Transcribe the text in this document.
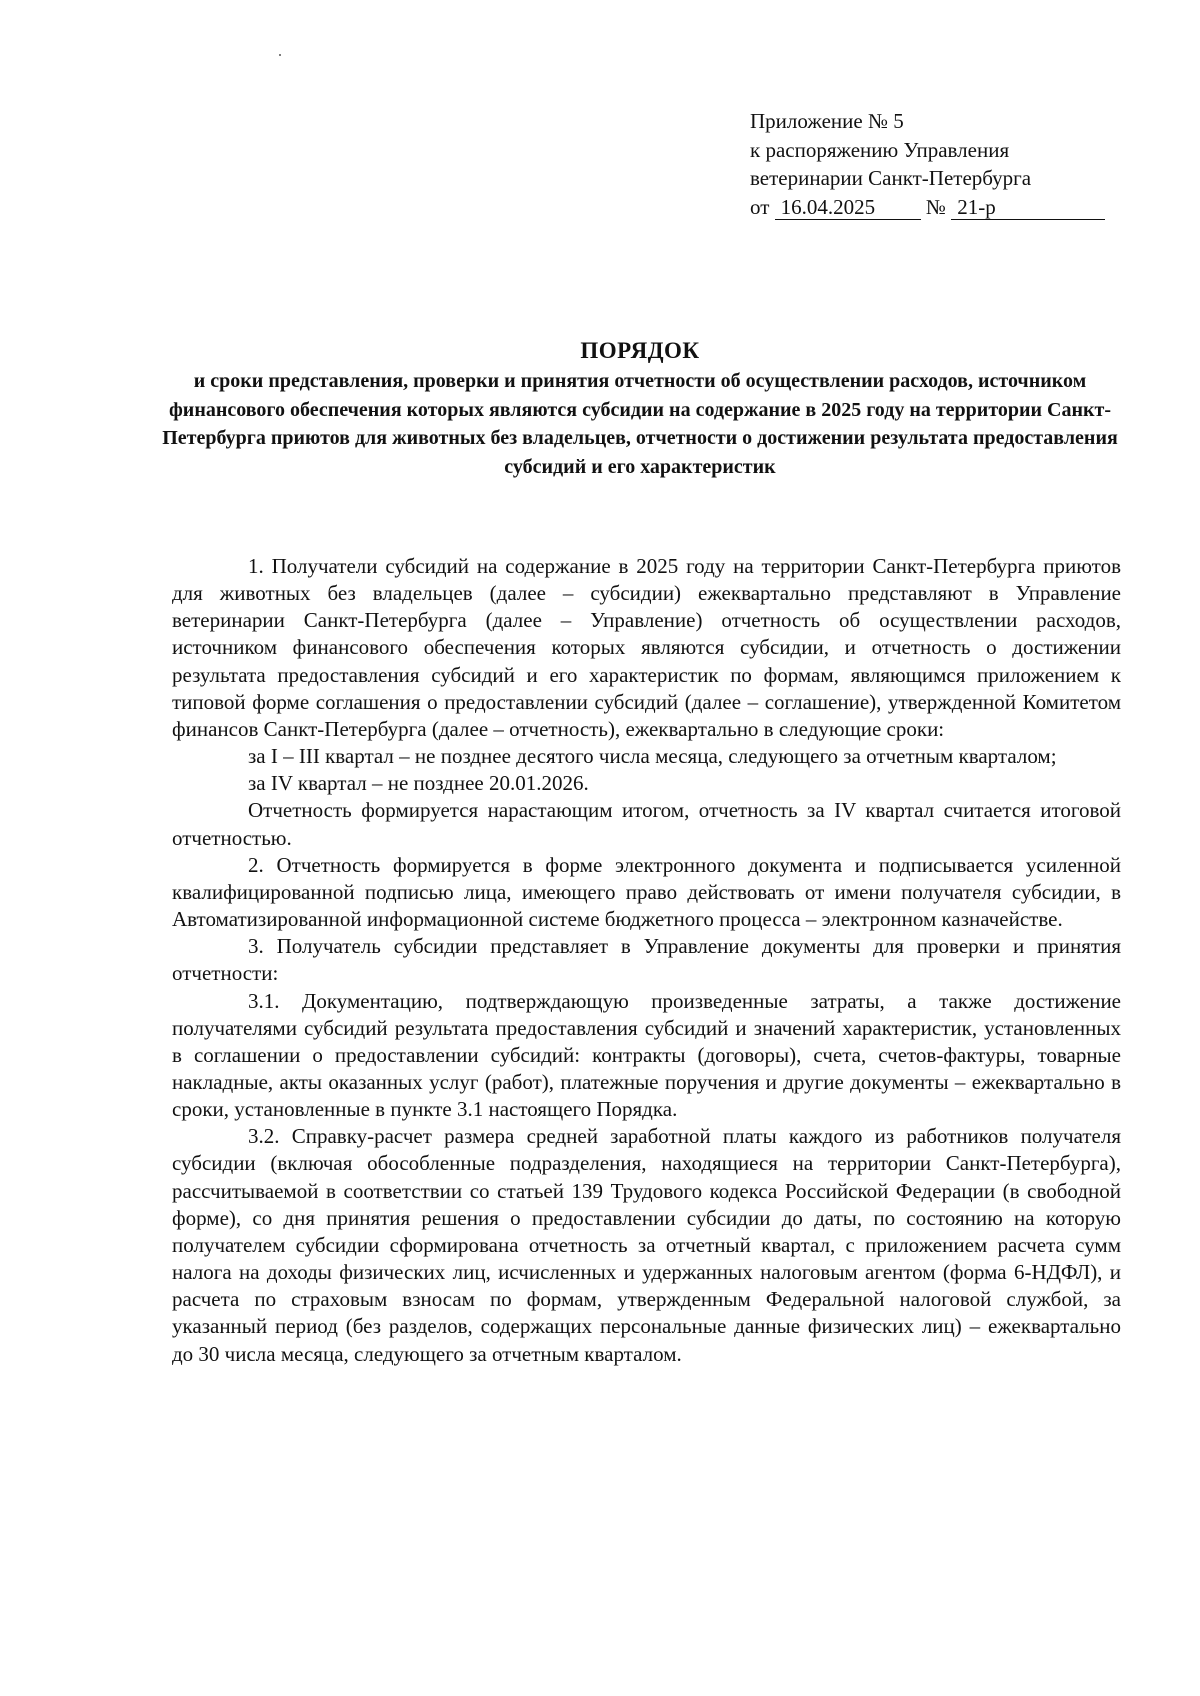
Приложение № 5
к распоряжению Управления
ветеринарии Санкт-Петербурга
от 16.04.2025 № 21-р
ПОРЯДОК
и сроки представления, проверки и принятия отчетности об осуществлении расходов, источником финансового обеспечения которых являются субсидии на содержание в 2025 году на территории Санкт-Петербурга приютов для животных без владельцев, отчетности о достижении результата предоставления субсидий и его характеристик

1. Получатели субсидий на содержание в 2025 году на территории Санкт-Петербурга приютов для животных без владельцев (далее – субсидии) ежеквартально представляют в Управление ветеринарии Санкт-Петербурга (далее – Управление) отчетность об осуществлении расходов, источником финансового обеспечения которых являются субсидии, и отчетность о достижении результата предоставления субсидий и его характеристик по формам, являющимся приложением к типовой форме соглашения о предоставлении субсидий (далее – соглашение), утвержденной Комитетом финансов Санкт-Петербурга (далее – отчетность), ежеквартально в следующие сроки:

за I – III квартал – не позднее десятого числа месяца, следующего за отчетным кварталом;

за IV квартал – не позднее 20.01.2026.

Отчетность формируется нарастающим итогом, отчетность за IV квартал считается итоговой отчетностью.

2. Отчетность формируется в форме электронного документа и подписывается усиленной квалифицированной подписью лица, имеющего право действовать от имени получателя субсидии, в Автоматизированной информационной системе бюджетного процесса – электронном казначействе.

3. Получатель субсидии представляет в Управление документы для проверки и принятия отчетности:

3.1. Документацию, подтверждающую произведенные затраты, а также достижение получателями субсидий результата предоставления субсидий и значений характеристик, установленных в соглашении о предоставлении субсидий: контракты (договоры), счета, счетов-фактуры, товарные накладные, акты оказанных услуг (работ), платежные поручения и другие документы – ежеквартально в сроки, установленные в пункте 3.1 настоящего Порядка.

3.2. Справку-расчет размера средней заработной платы каждого из работников получателя субсидии (включая обособленные подразделения, находящиеся на территории Санкт-Петербурга), рассчитываемой в соответствии со статьей 139 Трудового кодекса Российской Федерации (в свободной форме), со дня принятия решения о предоставлении субсидии до даты, по состоянию на которую получателем субсидии сформирована отчетность за отчетный квартал, с приложением расчета сумм налога на доходы физических лиц, исчисленных и удержанных налоговым агентом (форма 6-НДФЛ), и расчета по страховым взносам по формам, утвержденным Федеральной налоговой службой, за указанный период (без разделов, содержащих персональные данные физических лиц) – ежеквартально до 30 числа месяца, следующего за отчетным кварталом.
